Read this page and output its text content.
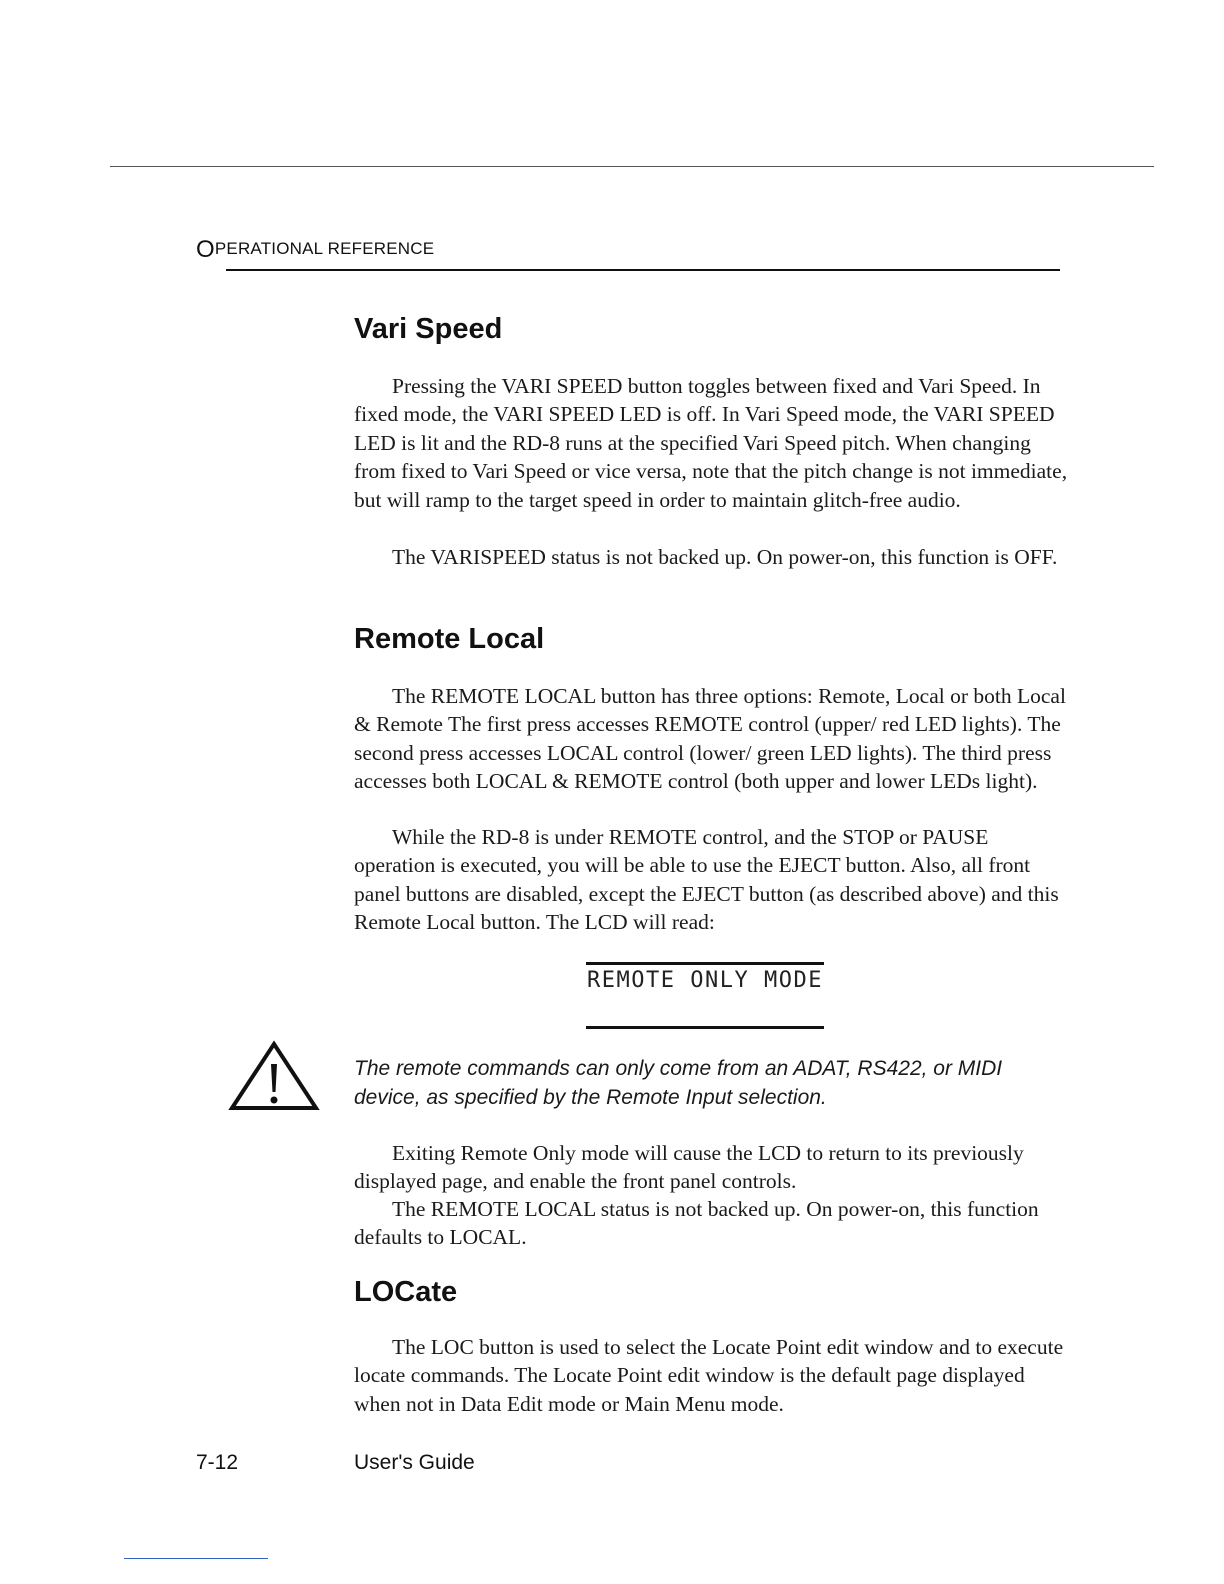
OPERATIONAL REFERENCE
Vari Speed

Pressing the VARI SPEED button toggles between fixed and Vari Speed. In fixed mode, the VARI SPEED LED is off. In Vari Speed mode, the VARI SPEED LED is lit and the RD-8 runs at the specified Vari Speed pitch. When changing from fixed to Vari Speed or vice versa, note that the pitch change is not immediate, but will ramp to the target speed in order to maintain glitch-free audio.

The VARISPEED status is not backed up. On power-on, this function is OFF.

Remote Local

The REMOTE LOCAL button has three options: Remote, Local or both Local & Remote The first press accesses REMOTE control (upper/ red LED lights). The second press accesses LOCAL control (lower/ green LED lights). The third press accesses both LOCAL & REMOTE control (both upper and lower LEDs light).

While the RD-8 is under REMOTE control, and the STOP or PAUSE operation is executed, you will be able to use the EJECT button. Also, all front panel buttons are disabled, except the EJECT button (as described above) and this Remote Local button. The LCD will read:

REMOTE ONLY MODE

The remote commands can only come from an ADAT, RS422, or MIDI device, as specified by the Remote Input selection.

Exiting Remote Only mode will cause the LCD to return to its previously displayed page, and enable the front panel controls.

The REMOTE LOCAL status is not backed up. On power-on, this function defaults to LOCAL.

LOCate

The LOC button is used to select the Locate Point edit window and to execute locate commands. The Locate Point edit window is the default page displayed when not in Data Edit mode or Main Menu mode.

7-12	User's Guide
